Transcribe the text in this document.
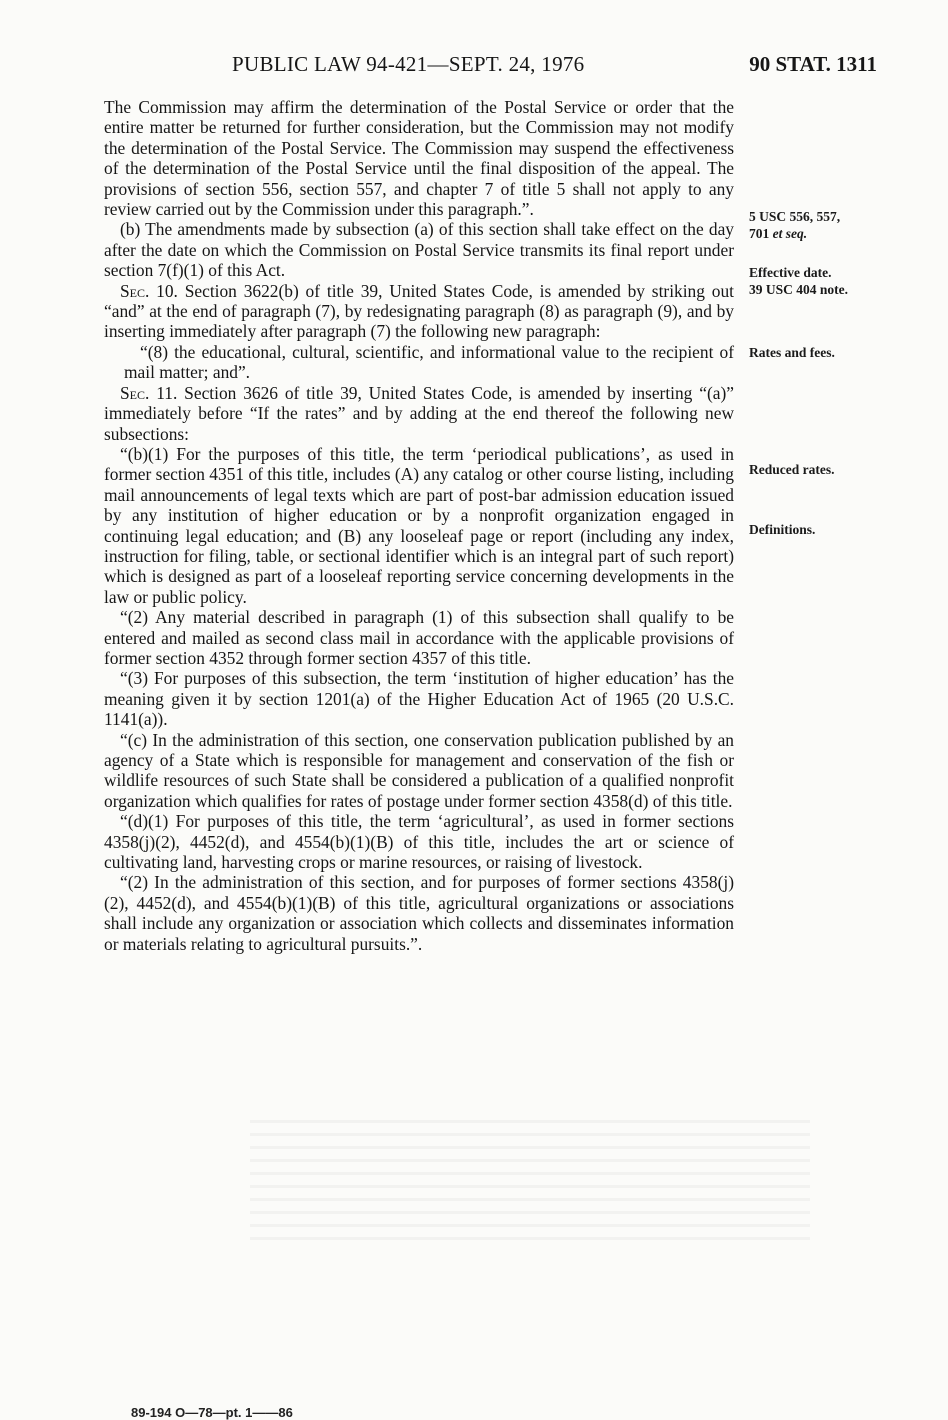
PUBLIC LAW 94-421—SEPT. 24, 1976	90 STAT. 1311

The Commission may affirm the determination of the Postal Service or order that the entire matter be returned for further consideration, but the Commission may not modify the determination of the Postal Service. The Commission may suspend the effectiveness of the determination of the Postal Service until the final disposition of the appeal. The provisions of section 556, section 557, and chapter 7 of title 5 shall not apply to any review carried out by the Commission under this paragraph.”.

(b) The amendments made by subsection (a) of this section shall take effect on the day after the date on which the Commission on Postal Service transmits its final report under section 7(f)(1) of this Act.

Sec. 10. Section 3622(b) of title 39, United States Code, is amended by striking out “and” at the end of paragraph (7), by redesignating paragraph (8) as paragraph (9), and by inserting immediately after paragraph (7) the following new paragraph:

“(8) the educational, cultural, scientific, and informational value to the recipient of mail matter; and”.

Sec. 11. Section 3626 of title 39, United States Code, is amended by inserting “(a)” immediately before “If the rates” and by adding at the end thereof the following new subsections:

“(b)(1) For the purposes of this title, the term ‘periodical publications’, as used in former section 4351 of this title, includes (A) any catalog or other course listing, including mail announcements of legal texts which are part of post-bar admission education issued by any institution of higher education or by a nonprofit organization engaged in continuing legal education; and (B) any looseleaf page or report (including any index, instruction for filing, table, or sectional identifier which is an integral part of such report) which is designed as part of a looseleaf reporting service concerning developments in the law or public policy.

“(2) Any material described in paragraph (1) of this subsection shall qualify to be entered and mailed as second class mail in accordance with the applicable provisions of former section 4352 through former section 4357 of this title.

“(3) For purposes of this subsection, the term ‘institution of higher education’ has the meaning given it by section 1201(a) of the Higher Education Act of 1965 (20 U.S.C. 1141(a)).

“(c) In the administration of this section, one conservation publication published by an agency of a State which is responsible for management and conservation of the fish or wildlife resources of such State shall be considered a publication of a qualified nonprofit organization which qualifies for rates of postage under former section 4358(d) of this title.

“(d)(1) For purposes of this title, the term ‘agricultural’, as used in former sections 4358(j)(2), 4452(d), and 4554(b)(1)(B) of this title, includes the art or science of cultivating land, harvesting crops or marine resources, or raising of livestock.

“(2) In the administration of this section, and for purposes of former sections 4358(j)(2), 4452(d), and 4554(b)(1)(B) of this title, agricultural organizations or associations shall include any organization or association which collects and disseminates information or materials relating to agricultural pursuits.”.

5 USC 556, 557,
701 et seq.
Effective date.
39 USC 404 note.
Rates and fees.
Reduced rates.
Definitions.
89-194 O—78—pt. 1——86
